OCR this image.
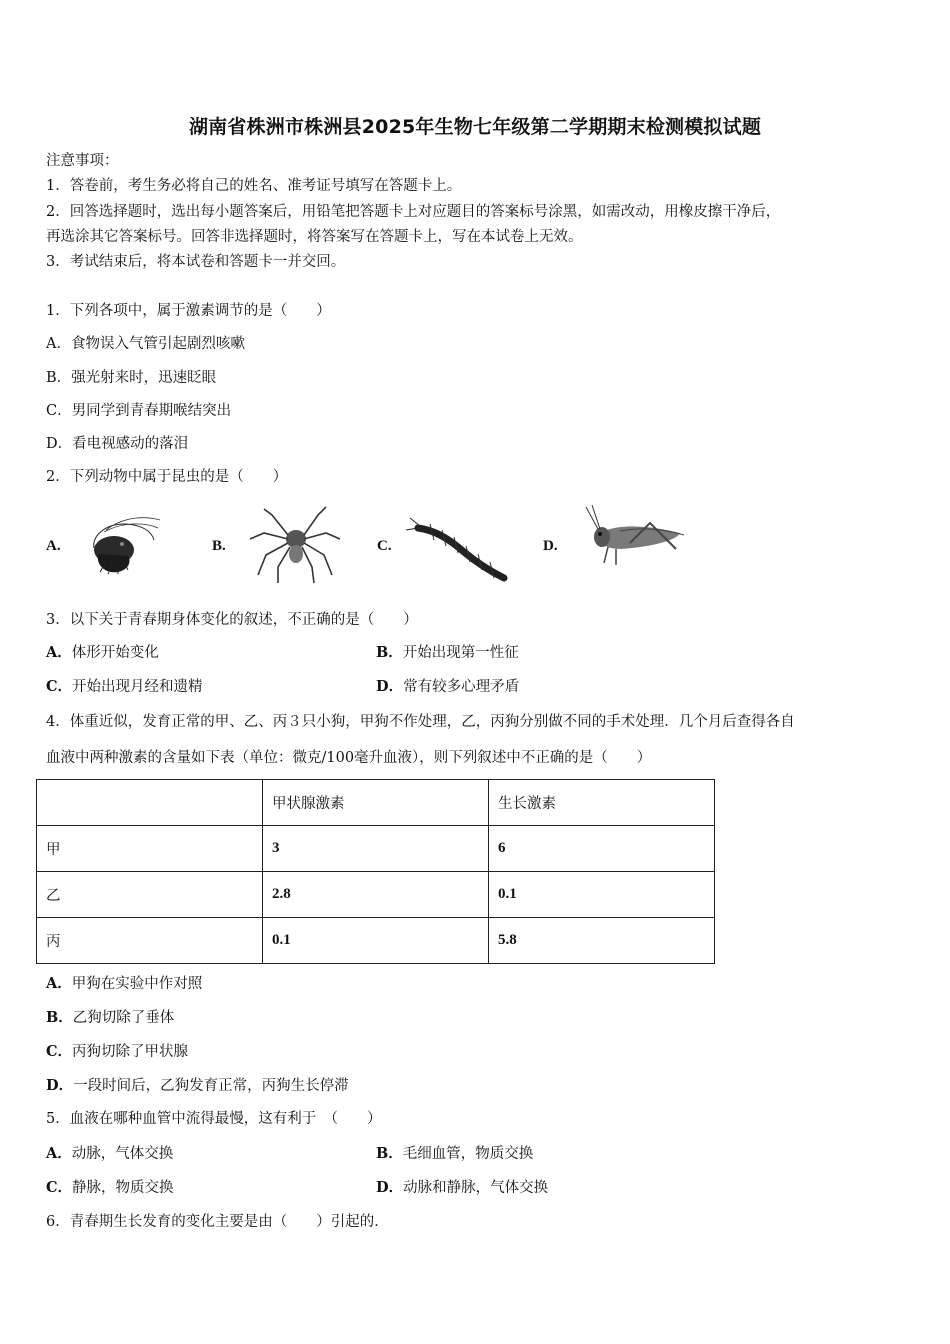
湖南省株洲市株洲县2025年生物七年级第二学期期末检测模拟试题
注意事项：
1．答卷前，考生务必将自己的姓名、准考证号填写在答题卡上。
2．回答选择题时，选出每小题答案后，用铅笔把答题卡上对应题目的答案标号涂黑，如需改动，用橡皮擦干净后，
再选涂其它答案标号。回答非选择题时，将答案写在答题卡上，写在本试卷上无效。
3．考试结束后，将本试卷和答题卡一并交回。
1．下列各项中，属于激素调节的是（　　）
A．食物误入气管引起剧烈咳嗽
B．强光射来时，迅速眨眼
C．男同学到青春期喉结突出
D．看电视感动的落泪
2．下列动物中属于昆虫的是（　　）
A.	B.	C.	D.
3．以下关于青春期身体变化的叙述，不正确的是（　　）
A．体形开始变化	B．开始出现第一性征
C．开始出现月经和遗精	D．常有较多心理矛盾
4．体重近似，发育正常的甲、乙、丙３只小狗，甲狗不作处理，乙，丙狗分别做不同的手术处理．几个月后查得各自
血液中两种激素的含量如下表（单位：微克/100毫升血液），则下列叙述中不正确的是（　　）
	甲状腺激素	生长激素
甲	3	6
乙	2.8	0.1
丙	0.1	5.8
A．甲狗在实验中作对照
B．乙狗切除了垂体
C．丙狗切除了甲状腺
D．一段时间后，乙狗发育正常，丙狗生长停滞
5．血液在哪种血管中流得最慢，这有利于　（　　）
A．动脉，气体交换	B．毛细血管，物质交换
C．静脉，物质交换	D．动脉和静脉，气体交换
6．青春期生长发育的变化主要是由（　　）引起的．
